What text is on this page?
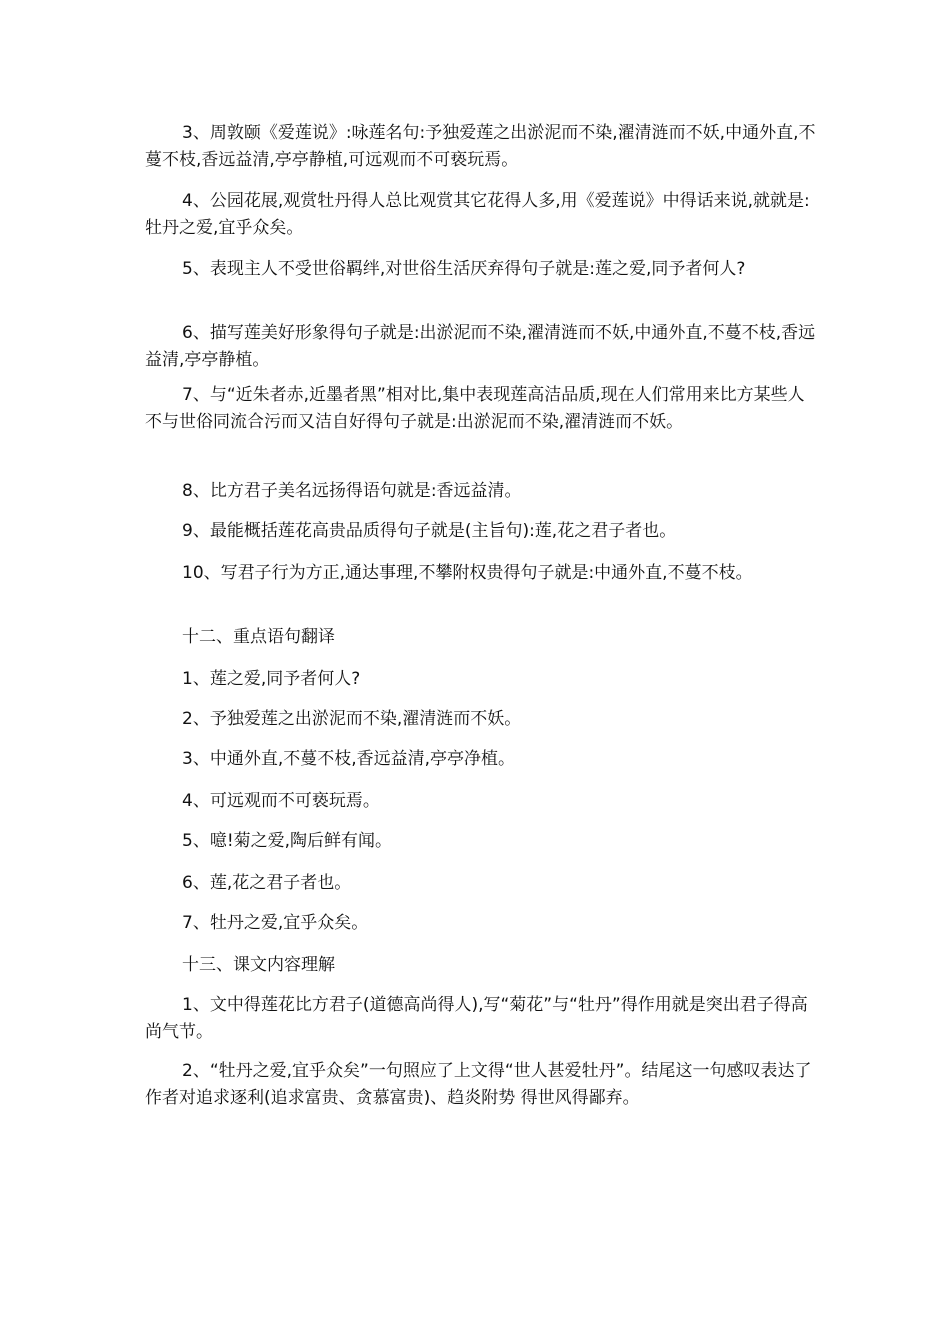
3、周敦颐《爱莲说》:咏莲名句:予独爱莲之出淤泥而不染,濯清涟而不妖,中通外直,不蔓不枝,香远益清,亭亭静植,可远观而不可亵玩焉。

4、公园花展,观赏牡丹得人总比观赏其它花得人多,用《爱莲说》中得话来说,就就是:牡丹之爱,宜乎众矣。

5、表现主人不受世俗羁绊,对世俗生活厌弃得句子就是:莲之爱,同予者何人?

6、描写莲美好形象得句子就是:出淤泥而不染,濯清涟而不妖,中通外直,不蔓不枝,香远益清,亭亭静植。

7、与“近朱者赤,近墨者黑”相对比,集中表现莲高洁品质,现在人们常用来比方某些人不与世俗同流合污而又洁自好得句子就是:出淤泥而不染,濯清涟而不妖。

8、比方君子美名远扬得语句就是:香远益清。

9、最能概括莲花高贵品质得句子就是(主旨句):莲,花之君子者也。

10、写君子行为方正,通达事理,不攀附权贵得句子就是:中通外直,不蔓不枝。

十二、重点语句翻译

1、莲之爱,同予者何人?

2、予独爱莲之出淤泥而不染,濯清涟而不妖。

3、中通外直,不蔓不枝,香远益清,亭亭净植。

4、可远观而不可亵玩焉。

5、噫!菊之爱,陶后鲜有闻。

6、莲,花之君子者也。

7、牡丹之爱,宜乎众矣。

十三、课文内容理解

1、文中得莲花比方君子(道德高尚得人),写“菊花”与“牡丹”得作用就是突出君子得高尚气节。

2、“牡丹之爱,宜乎众矣”一句照应了上文得“世人甚爱牡丹”。结尾这一句感叹表达了作者对追求逐利(追求富贵、贪慕富贵)、趋炎附势 得世风得鄙弃。
